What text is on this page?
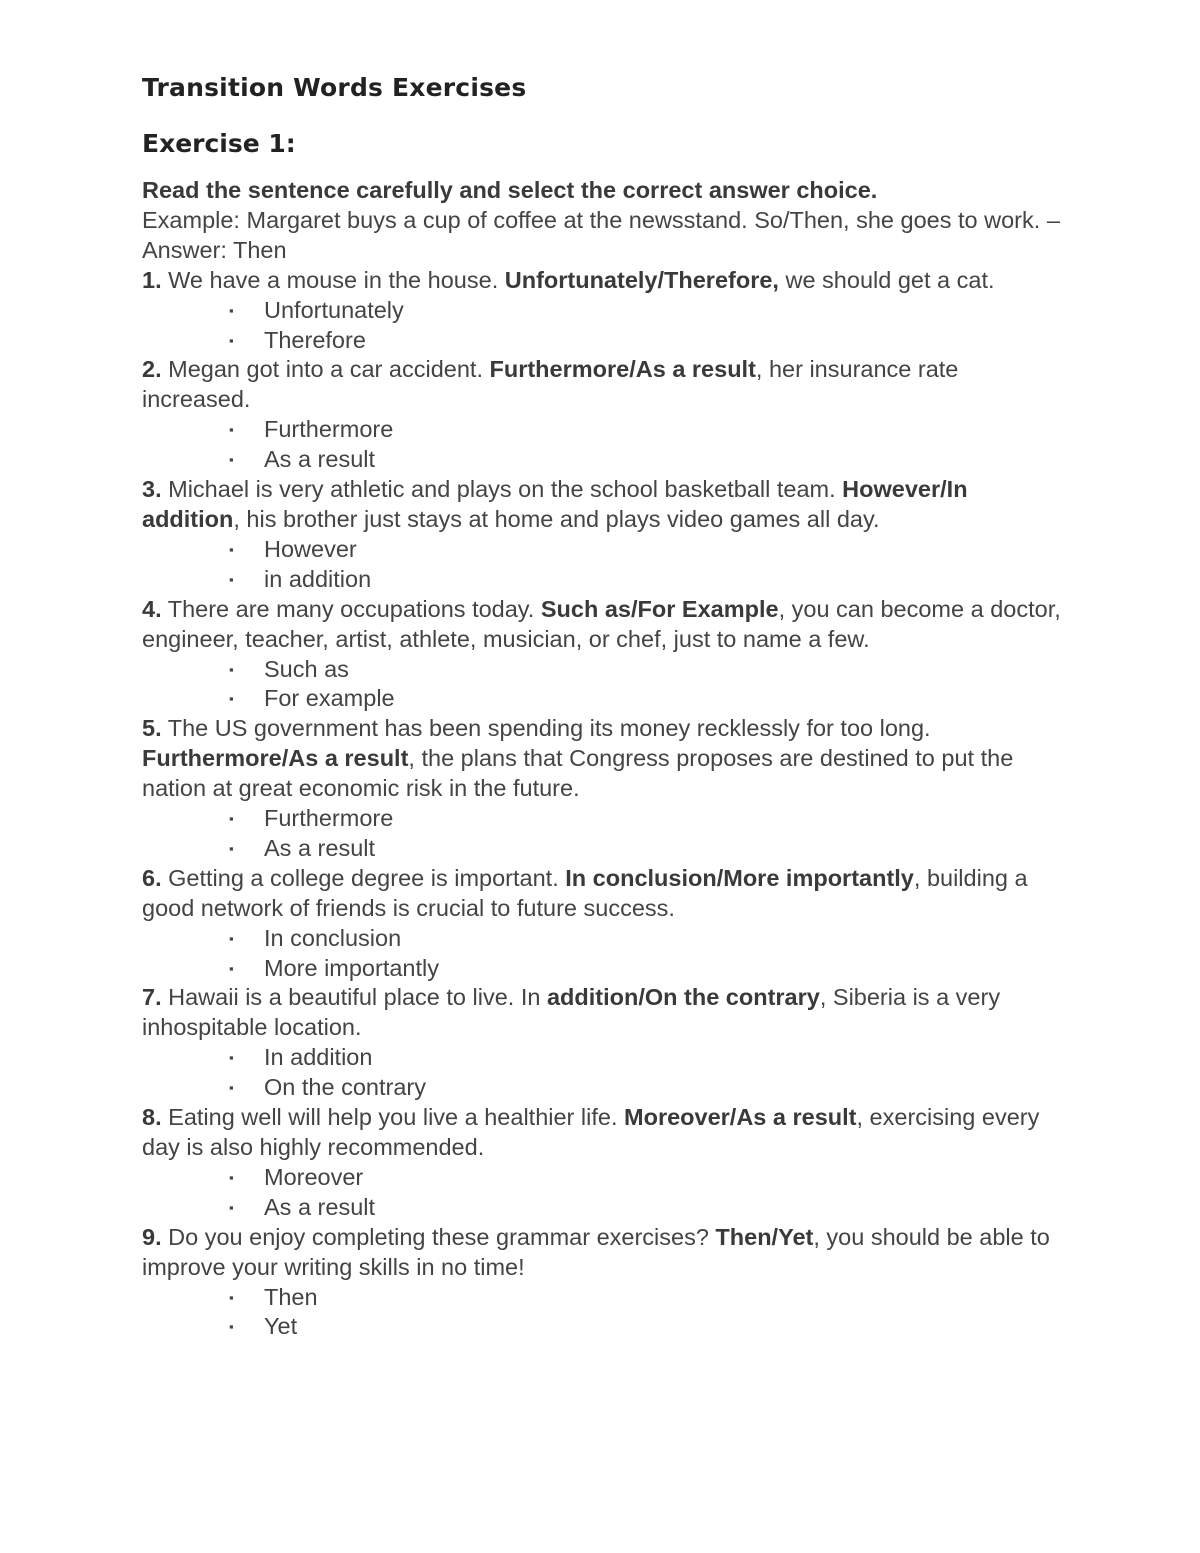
Transition Words Exercises
Exercise 1:

Read the sentence carefully and select the correct answer choice.

Example: Margaret buys a cup of coffee at the newsstand. So/Then, she goes to work. –

Answer: Then

1. We have a mouse in the house. Unfortunately/Therefore, we should get a cat.

▪ Unfortunately
▪ Therefore

2. Megan got into a car accident. Furthermore/As a result, her insurance rate increased.

▪ Furthermore
▪ As a result

3. Michael is very athletic and plays on the school basketball team. However/In addition, his brother just stays at home and plays video games all day.

▪ However
▪ in addition

4. There are many occupations today. Such as/For Example, you can become a doctor, engineer, teacher, artist, athlete, musician, or chef, just to name a few.

▪ Such as
▪ For example

5. The US government has been spending its money recklessly for too long. Furthermore/As a result, the plans that Congress proposes are destined to put the nation at great economic risk in the future.

▪ Furthermore
▪ As a result

6. Getting a college degree is important. In conclusion/More importantly, building a good network of friends is crucial to future success.

▪ In conclusion
▪ More importantly

7. Hawaii is a beautiful place to live. In addition/On the contrary, Siberia is a very inhospitable location.

▪ In addition
▪ On the contrary

8. Eating well will help you live a healthier life. Moreover/As a result, exercising every day is also highly recommended.

▪ Moreover
▪ As a result

9. Do you enjoy completing these grammar exercises? Then/Yet, you should be able to improve your writing skills in no time!

▪ Then
▪ Yet
